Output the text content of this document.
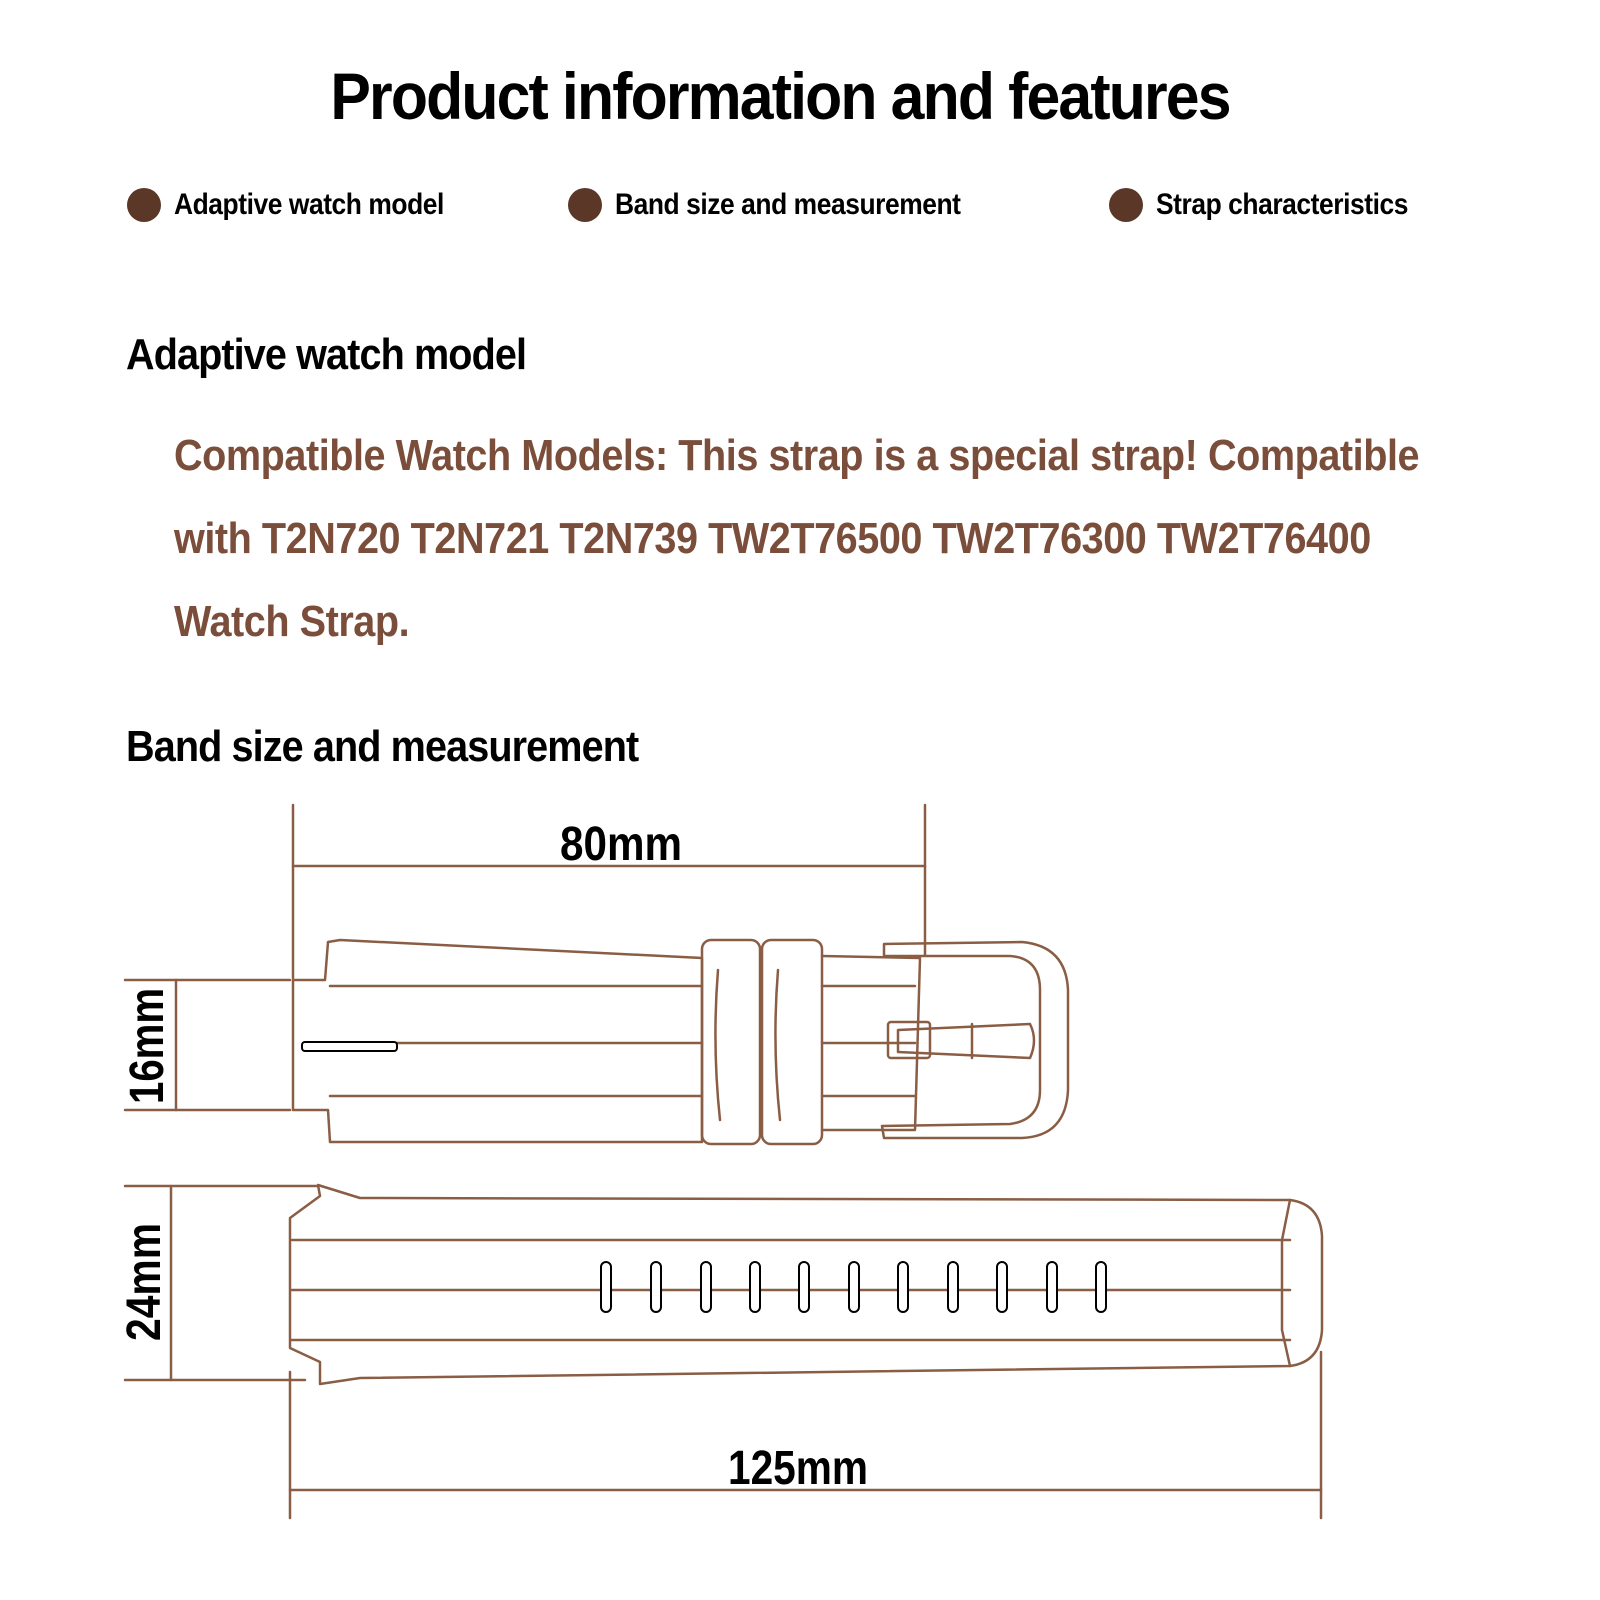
Product information and features
Adaptive watch model	Band size and measurement	Strap characteristics
Adaptive watch model
Compatible Watch Models: This strap is a special strap! Compatible with T2N720 T2N721 T2N739 TW2T76500 TW2T76300 TW2T76400 Watch Strap.
Band size and measurement
80mm
16mm
24mm
125mm
